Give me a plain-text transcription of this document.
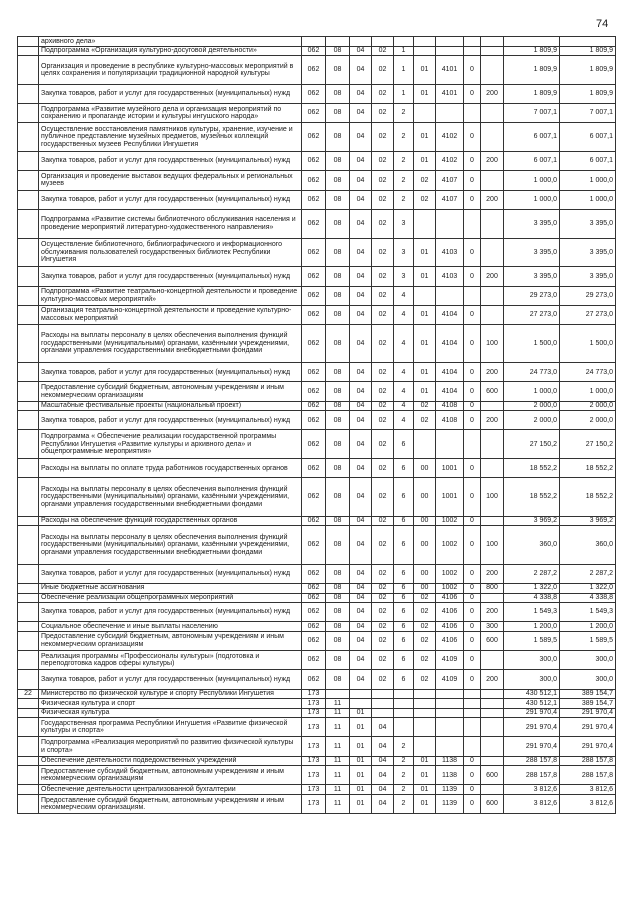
74
	архивного дела»											
	Подпрограмма «Организация культурно-досуговой деятельности»	062	08	04	02	1					1 809,9	1 809,9
	Организация и проведение в республике культурно-массовых мероприятий в целях сохранения и популяризации традиционной народной культуры	062	08	04	02	1	01	4101	0		1 809,9	1 809,9
	Закупка товаров, работ и услуг для государственных (муниципальных) нужд	062	08	04	02	1	01	4101	0	200	1 809,9	1 809,9
	Подпрограмма «Развитие музейного дела и организация мероприятий по сохранению и пропаганде истории и культуры ингушского народа»	062	08	04	02	2					7 007,1	7 007,1
	Осуществление восстановления памятников культуры, хранение, изучение и публичное представление музейных предметов, музейных коллекций государственных музеев Республики Ингушетия	062	08	04	02	2	01	4102	0		6 007,1	6 007,1
	Закупка товаров, работ и услуг для государственных (муниципальных) нужд	062	08	04	02	2	01	4102	0	200	6 007,1	6 007,1
	Организация и проведение выставок ведущих федеральных и региональных музеев	062	08	04	02	2	02	4107	0		1 000,0	1 000,0
	Закупка товаров, работ и услуг для государственных (муниципальных) нужд	062	08	04	02	2	02	4107	0	200	1 000,0	1 000,0
	Подпрограмма «Развитие системы библиотечного обслуживания населения и проведение мероприятий литературно-художественного направления»	062	08	04	02	3					3 395,0	3 395,0
	Осуществление библиотечного, библиографического и информационного обслуживания пользователей государственных библиотек Республики Ингушетия	062	08	04	02	3	01	4103	0		3 395,0	3 395,0
	Закупка товаров, работ и услуг для государственных (муниципальных) нужд	062	08	04	02	3	01	4103	0	200	3 395,0	3 395,0
	Подпрограмма «Развитие театрально-концертной деятельности и проведение культурно-массовых мероприятий»	062	08	04	02	4					29 273,0	29 273,0
	Организация театрально-концертной деятельности и проведение культурно-массовых мероприятий	062	08	04	02	4	01	4104	0		27 273,0	27 273,0
	Расходы на выплаты персоналу в целях обеспечения выполнения функций государственными (муниципальными) органами, казёнными учреждениями, органами управления государственными внебюджетными фондами	062	08	04	02	4	01	4104	0	100	1 500,0	1 500,0
	Закупка товаров, работ и услуг для государственных (муниципальных) нужд	062	08	04	02	4	01	4104	0	200	24 773,0	24 773,0
	Предоставление субсидий бюджетным, автономным учреждениям и иным некоммерческим организациям	062	08	04	02	4	01	4104	0	600	1 000,0	1 000,0
	Масштабные фестивальные проекты (национальный проект)	062	08	04	02	4	02	4108	0		2 000,0	2 000,0
	Закупка товаров, работ и услуг для государственных (муниципальных) нужд	062	08	04	02	4	02	4108	0	200	2 000,0	2 000,0
	Подпрограмма « Обеспечение реализации государственной программы Республики Ингушетия «Развитие культуры и архивного дела» и общепрограммные мероприятия»	062	08	04	02	6					27 150,2	27 150,2
	Расходы на выплаты по оплате труда работников государственных органов	062	08	04	02	6	00	1001	0		18 552,2	18 552,2
	Расходы на выплаты персоналу в целях обеспечения выполнения функций государственными (муниципальными) органами, казёнными учреждениями, органами управления государственными внебюджетными фондами	062	08	04	02	6	00	1001	0	100	18 552,2	18 552,2
	Расходы на обеспечение функций государственных органов	062	08	04	02	6	00	1002	0		3 969,2	3 969,2
	Расходы на выплаты персоналу в целях обеспечения выполнения функций государственными (муниципальными) органами, казёнными учреждениями, органами управления государственными внебюджетными фондами	062	08	04	02	6	00	1002	0	100	360,0	360,0
	Закупка товаров, работ и услуг для государственных (муниципальных) нужд	062	08	04	02	6	00	1002	0	200	2 287,2	2 287,2
	Иные бюджетные ассигнования	062	08	04	02	6	00	1002	0	800	1 322,0	1 322,0
	Обеспечение реализации общепрограммных мероприятий	062	08	04	02	6	02	4106	0		4 338,8	4 338,8
	Закупка товаров, работ и услуг для государственных (муниципальных) нужд	062	08	04	02	6	02	4106	0	200	1 549,3	1 549,3
	Социальное обеспечение и иные выплаты населению	062	08	04	02	6	02	4106	0	300	1 200,0	1 200,0
	Предоставление субсидий бюджетным, автономным учреждениям и иным некоммерческим организациям	062	08	04	02	6	02	4106	0	600	1 589,5	1 589,5
	Реализация программы «Профессионалы культуры» (подготовка и переподготовка кадров сферы культуры)	062	08	04	02	6	02	4109	0		300,0	300,0
	Закупка товаров, работ и услуг для государственных (муниципальных) нужд	062	08	04	02	6	02	4109	0	200	300,0	300,0
22	Министерство по физической культуре и спорту Республики Ингушетия	173									430 512,1	389 154,7
	Физическая культура и спорт	173	11								430 512,1	389 154,7
	Физическая культура	173	11	01							291 970,4	291 970,4
	Государственная программа Республики Ингушетия «Развитие физической культуры и спорта»	173	11	01	04						291 970,4	291 970,4
	Подпрограмма «Реализация мероприятий по развитию физической культуры и спорта»	173	11	01	04	2					291 970,4	291 970,4
	Обеспечение деятельности подведомственных учреждений	173	11	01	04	2	01	1138	0		288 157,8	288 157,8
	Предоставление субсидий бюджетным, автономным учреждениям и иным некоммерческим организациям	173	11	01	04	2	01	1138	0	600	288 157,8	288 157,8
	Обеспечение деятельности централизованной бухгалтерии	173	11	01	04	2	01	1139	0		3 812,6	3 812,6
	Предоставление субсидий бюджетным, автономным учреждениям и иным некоммерческим организациям.	173	11	01	04	2	01	1139	0	600	3 812,6	3 812,6
